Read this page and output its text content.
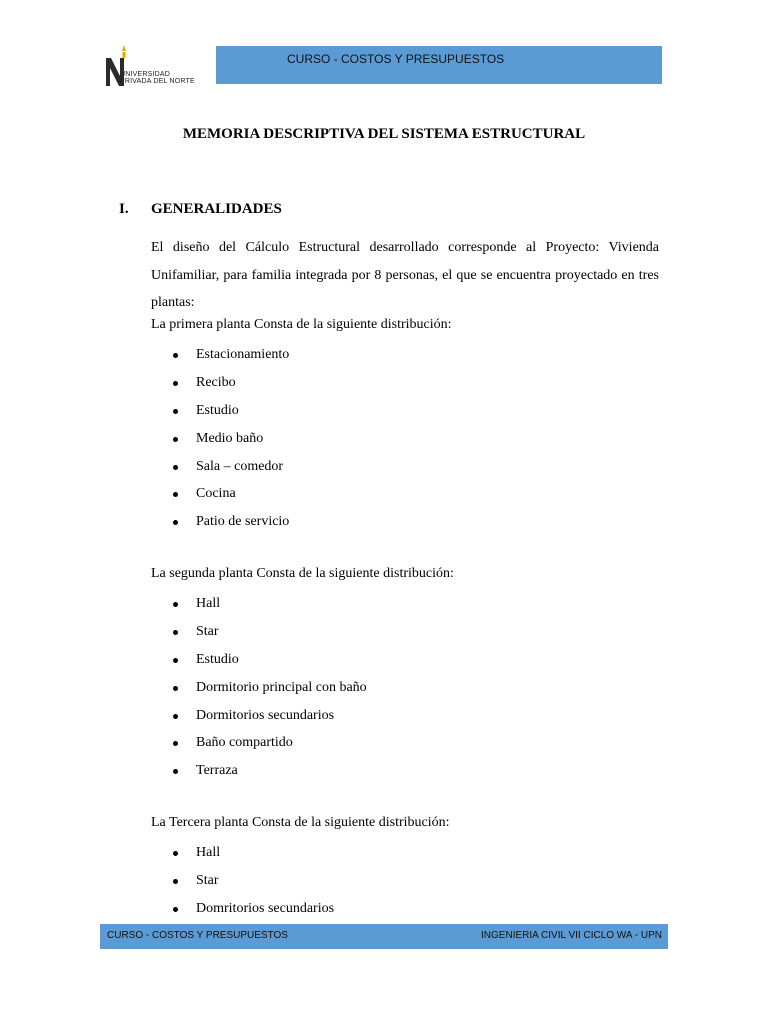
UNIVERSIDAD
PRIVADA DEL NORTE
CURSO - COSTOS Y PRESUPUESTOS
MEMORIA DESCRIPTIVA DEL SISTEMA ESTRUCTURAL
I. GENERALIDADES
El diseño del Cálculo Estructural desarrollado corresponde al Proyecto: Vivienda Unifamiliar, para familia integrada por 8 personas, el que se encuentra proyectado en tres plantas:
La primera planta Consta de la siguiente distribución:
Estacionamiento
Recibo
Estudio
Medio baño
Sala – comedor
Cocina
Patio de servicio
La segunda planta Consta de la siguiente distribución:
Hall
Star
Estudio
Dormitorio principal con baño
Dormitorios secundarios
Baño compartido
Terraza
La Tercera planta Consta de la siguiente distribución:
Hall
Star
Domritorios secundarios
CURSO - COSTOS Y PRESUPUESTOS	INGENIERIA CIVIL VII CICLO WA - UPN
